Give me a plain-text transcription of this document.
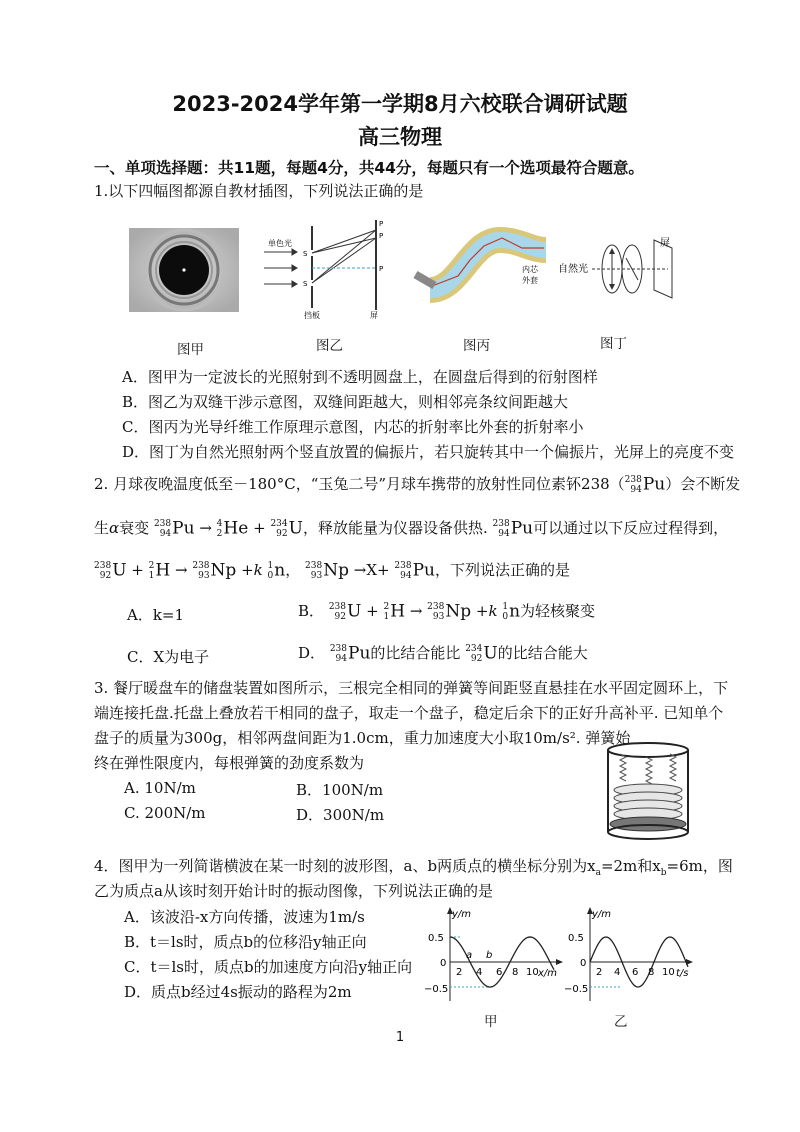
2023-2024学年第一学期8月六校联合调研试题
高三物理
一、单项选择题：共11题，每题4分，共44分，每题只有一个选项最符合题意。
1.以下四幅图都源自教材插图，下列说法正确的是
图甲
单色光
S
S
P
P
P
挡板	屏
图乙
内芯
外套
图丙
自然光
屏
图丁
A．图甲为一定波长的光照射到不透明圆盘上，在圆盘后得到的衍射图样
B．图乙为双缝干涉示意图，双缝间距越大，则相邻亮条纹间距越大
C．图丙为光导纤维工作原理示意图，内芯的折射率比外套的折射率小
D．图丁为自然光照射两个竖直放置的偏振片，若只旋转其中一个偏振片，光屏上的亮度不变
2. 月球夜晚温度低至－180°C，“玉兔二号”月球车携带的放射性同位素钚238（ 238
94 Pu）会不断发
生α衰变 238
94 Pu → 4
2 He + 234
92 U，释放能量为仪器设备供热. 238
94 Pu可以通过以下反应过程得到，
238
92 U + 2
1 H → 238
93 Np +k 1
0 n， 238
93 Np →X+ 238
94 Pu，下列说法正确的是
A．k=1	B． 238
92 U + 2
1 H → 238
93 Np +k 1
0 n为轻核聚变
C．X为电子	D． 238
94 Pu的比结合能比 234
92 U的比结合能大
3. 餐厅暖盘车的储盘装置如图所示，三根完全相同的弹簧等间距竖直悬挂在水平固定圆环上，下
端连接托盘.托盘上叠放若干相同的盘子，取走一个盘子，稳定后余下的正好升高补平. 已知单个
盘子的质量为300g，相邻两盘间距为1.0cm，重力加速度大小取10m/s². 弹簧始
终在弹性限度内，每根弹簧的劲度系数为
A. 10N/m	B．100N/m
C. 200N/m	D．300N/m
4．图甲为一列简谐横波在某一时刻的波形图，a、b两质点的横坐标分别为$x_a=2m$和$x_b=6m$，图
乙为质点a从该时刻开始计时的振动图像，下列说法正确的是
A．该波沿-x方向传播，波速为1m/s
B．t＝ls时，质点b的位移沿y轴正向
C．t＝ls时，质点b的加速度方向沿y轴正向
D．质点b经过4s振动的路程为2m
y/m
x/m
0.5
0
−0.5
2 4 6 8 10
a b
甲
y/m
t/s
0.5
0
−0.5
2 4 6 8 10
乙
1
